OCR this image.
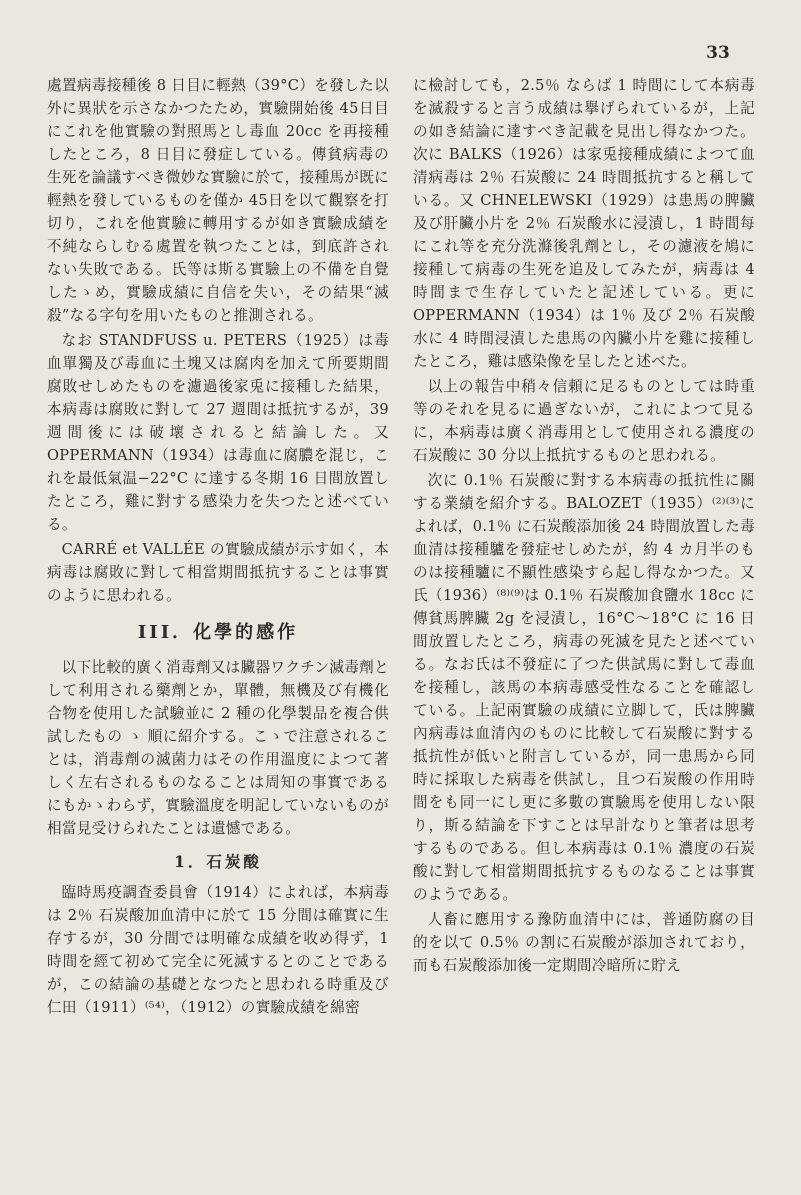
33

處置病毒接種後 8 日目に輕熱（39°C）を發した以外に異狀を示さなかつたため，實驗開始後 45日目にこれを他實驗の對照馬とし毒血 20cc を再接種したところ，8 日目に發症している。傳貧病毒の生死を論議すべき微妙な實驗に於て，接種馬が既に輕熱を發しているものを僅か 45日を以て觀察を打切り，これを他實驗に轉用するが如き實驗成績を不純ならしむる處置を執つたことは，到底許されない失敗である。氏等は斯る實驗上の不備を自覺したゝめ，實驗成績に自信を失い，その結果“滅殺”なる字句を用いたものと推測される。

なお STANDFUSS u. PETERS（1925）は毒血單獨及び毒血に土塊又は腐肉を加えて所要期間腐敗せしめたものを濾過後家兎に接種した結果，本病毒は腐敗に對して 27 週間は抵抗するが，39 週間後には破壞されると結論した。又 OPPERMANN（1934）は毒血に腐膿を混じ，これを最低氣温−22°C に達する冬期 16 日間放置したところ，雞に對する感染力を失つたと述べている。

CARRÉ et VALLÉE の實驗成績が示す如く，本病毒は腐敗に對して相當期間抵抗することは事實のように思われる。

III．化學的感作

以下比較的廣く消毒劑又は臟器ワクチン滅毒劑として利用される藥劑とか，單體，無機及び有機化合物を使用した試驗並に 2 種の化學製品を複合供試したもの ゝ 順に紹介する。こゝで注意されることは，消毒劑の滅菌力はその作用溫度によつて著しく左右されるものなることは周知の事實であるにもかゝわらず，實驗溫度を明記していないものが相當見受けられたことは遺憾である。

1．石炭酸

臨時馬疫調査委員會（1914）によれば，本病毒は 2％ 石炭酸加血清中に於て 15 分間は確實に生存するが，30 分間では明確な成績を收め得ず，1 時間を經て初めて完全に死滅するとのことであるが，この結論の基礎となつたと思われる時重及び仁田（1911）⁽⁵⁴⁾，（1912）の實驗成績を綿密

に檢討しても，2.5％ ならば 1 時間にして本病毒を滅殺すると言う成績は擧げられているが，上記の如き結論に達すべき記載を見出し得なかつた。次に BALKS（1926）は家兎接種成績によつて血清病毒は 2％ 石炭酸に 24 時間抵抗すると稱している。又 CHNELEWSKI（1929）は患馬の脾臟及び肝臟小片を 2％ 石炭酸水に浸漬し，1 時間每にこれ等を充分洗滌後乳劑とし，その濾液を鳩に接種して病毒の生死を追及してみたが，病毒は 4 時間まで生存していたと記述している。更に OPPERMANN（1934）は 1％ 及び 2％ 石炭酸水に 4 時間浸漬した患馬の內臟小片を雞に接種したところ，雞は感染像を呈したと述べた。

以上の報告中稍々信頼に足るものとしては時重等のそれを見るに過ぎないが，これによつて見るに，本病毒は廣く消毒用として使用される濃度の石炭酸に 30 分以上抵抗するものと思われる。

次に 0.1％ 石炭酸に對する本病毒の抵抗性に關する業績を紹介する。BALOZET（1935）⁽²⁾⁽³⁾によれば，0.1％ に石炭酸添加後 24 時間放置した毒血清は接種驢を發症せしめたが，約 4 カ月半のものは接種驢に不顯性感染すら起し得なかつた。又氏（1936）⁽⁸⁾⁽⁹⁾は 0.1％ 石炭酸加食鹽水 18cc に傳貧馬脾臟 2g を浸漬し，16°C～18°C に 16 日間放置したところ，病毒の死滅を見たと述べている。なお氏は不發症に了つた供試馬に對して毒血を接種し，該馬の本病毒感受性なることを確認している。上記兩實驗の成績に立脚して，氏は脾臟內病毒は血清內のものに比較して石炭酸に對する抵抗性が低いと附言しているが，同一患馬から同時に採取した病毒を供試し，且つ石炭酸の作用時間をも同一にし更に多數の實驗馬を使用しない限り，斯る結論を下すことは早計なりと筆者は思考するものである。但し本病毒は 0.1％ 濃度の石炭酸に對して相當期間抵抗するものなることは事實のようである。

人畜に應用する豫防血清中には，普通防腐の目的を以て 0.5％ の割に石炭酸が添加されており，而も石炭酸添加後一定期間冷暗所に貯え
